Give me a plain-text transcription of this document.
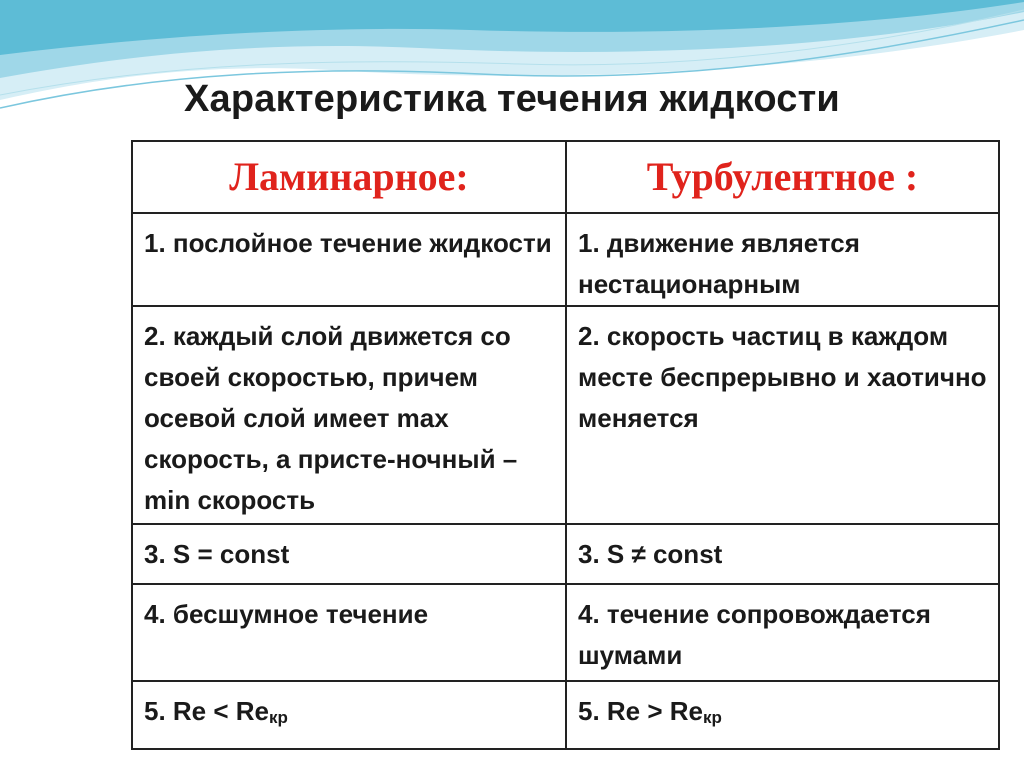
Характеристика течения жидкости
Ламинарное:	Турбулентное :
1. послойное течение жидкости	1. движение является нестационарным
2. каждый слой движется со своей скоростью, причем осевой слой имеет max скорость, а присте-ночный – min скорость	2. скорость частиц в каждом месте беспрерывно и хаотично меняется
3. S = const	3. S ≠ const
4. бесшумное течение	4. течение сопровождается шумами
5. $Re < Re_{кр}$	5. $Re > Re_{кр}$
